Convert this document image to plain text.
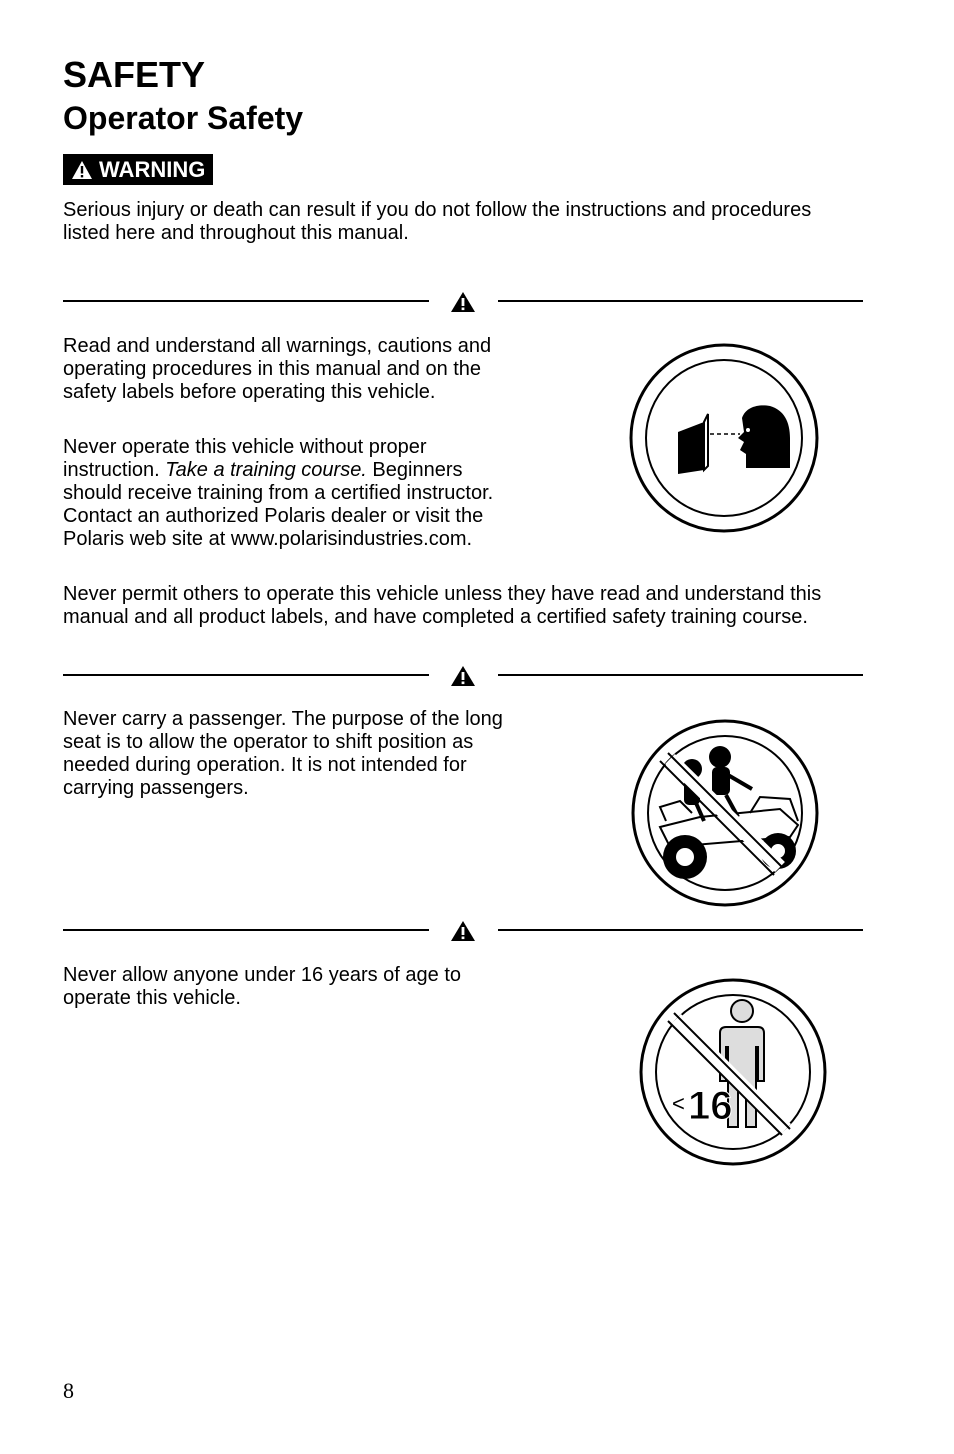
SAFETY
Operator Safety
WARNING

Serious injury or death can result if you do not follow the instructions and procedures listed here and throughout this manual.

Read and understand all warnings, cautions and operating procedures in this manual and on the safety labels before operating this vehicle.

Never operate this vehicle without proper instruction. Take a training course. Beginners should receive training from a certified instructor. Contact an authorized Polaris dealer or visit the Polaris web site at www.polarisindustries.com.

Never permit others to operate this vehicle unless they have read and understand this manual and all product labels, and have completed a certified safety training course.

Never carry a passenger. The purpose of the long seat is to allow the operator to shift position as needed during operation. It is not intended for carrying passengers.

Never allow anyone under 16 years of age to operate this vehicle.

< 16
8
